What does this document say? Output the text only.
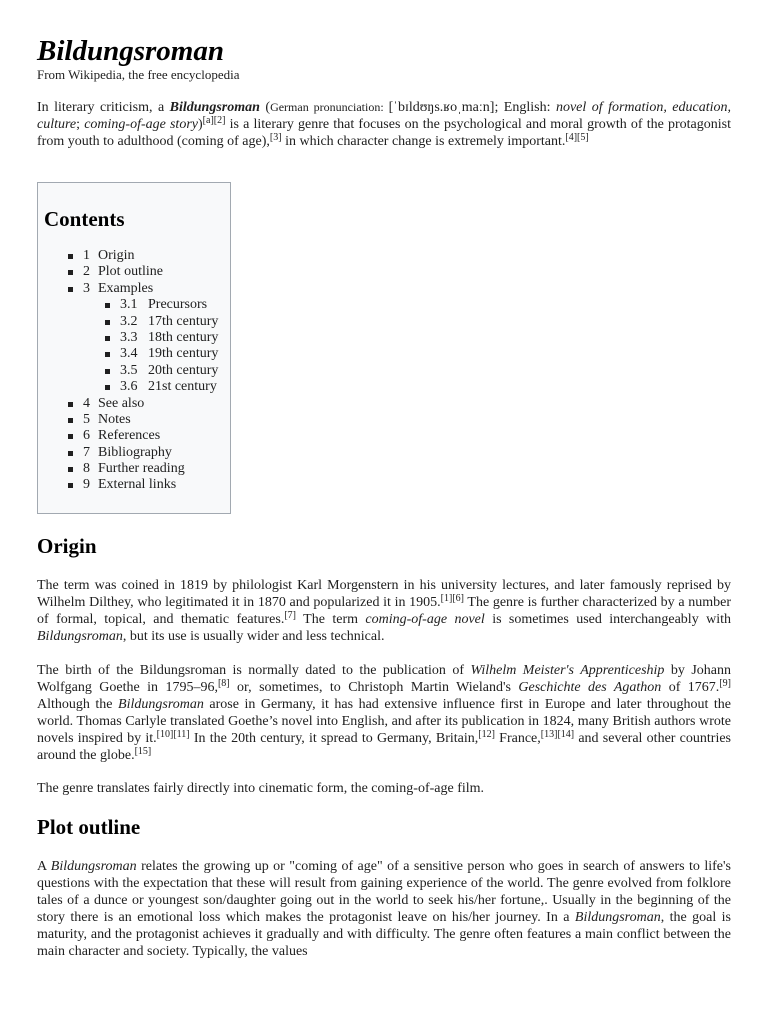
Bildungsroman
From Wikipedia, the free encyclopedia

In literary criticism, a Bildungsroman (German pronunciation: [ˈbɪldʊŋs.ʁoˌmaːn]; English: novel of formation, education, culture; coming-of-age story)[a][2] is a literary genre that focuses on the psychological and moral growth of the protagonist from youth to adulthood (coming of age),[3] in which character change is extremely important.[4][5]

Contents
1 Origin
2 Plot outline
3 Examples
3.1 Precursors
3.2 17th century
3.3 18th century
3.4 19th century
3.5 20th century
3.6 21st century
4 See also
5 Notes
6 References
7 Bibliography
8 Further reading
9 External links
Origin

The term was coined in 1819 by philologist Karl Morgenstern in his university lectures, and later famously reprised by Wilhelm Dilthey, who legitimated it in 1870 and popularized it in 1905.[1][6] The genre is further characterized by a number of formal, topical, and thematic features.[7] The term coming-of-age novel is sometimes used interchangeably with Bildungsroman, but its use is usually wider and less technical.

The birth of the Bildungsroman is normally dated to the publication of Wilhelm Meister's Apprenticeship by Johann Wolfgang Goethe in 1795–96,[8] or, sometimes, to Christoph Martin Wieland's Geschichte des Agathon of 1767.[9] Although the Bildungsroman arose in Germany, it has had extensive influence first in Europe and later throughout the world. Thomas Carlyle translated Goethe’s novel into English, and after its publication in 1824, many British authors wrote novels inspired by it.[10][11] In the 20th century, it spread to Germany, Britain,[12] France,[13][14] and several other countries around the globe.[15]

The genre translates fairly directly into cinematic form, the coming-of-age film.

Plot outline

A Bildungsroman relates the growing up or "coming of age" of a sensitive person who goes in search of answers to life's questions with the expectation that these will result from gaining experience of the world. The genre evolved from folklore tales of a dunce or youngest son/daughter going out in the world to seek his/her fortune,. Usually in the beginning of the story there is an emotional loss which makes the protagonist leave on his/her journey. In a Bildungsroman, the goal is maturity, and the protagonist achieves it gradually and with difficulty. The genre often features a main conflict between the main character and society. Typically, the values
